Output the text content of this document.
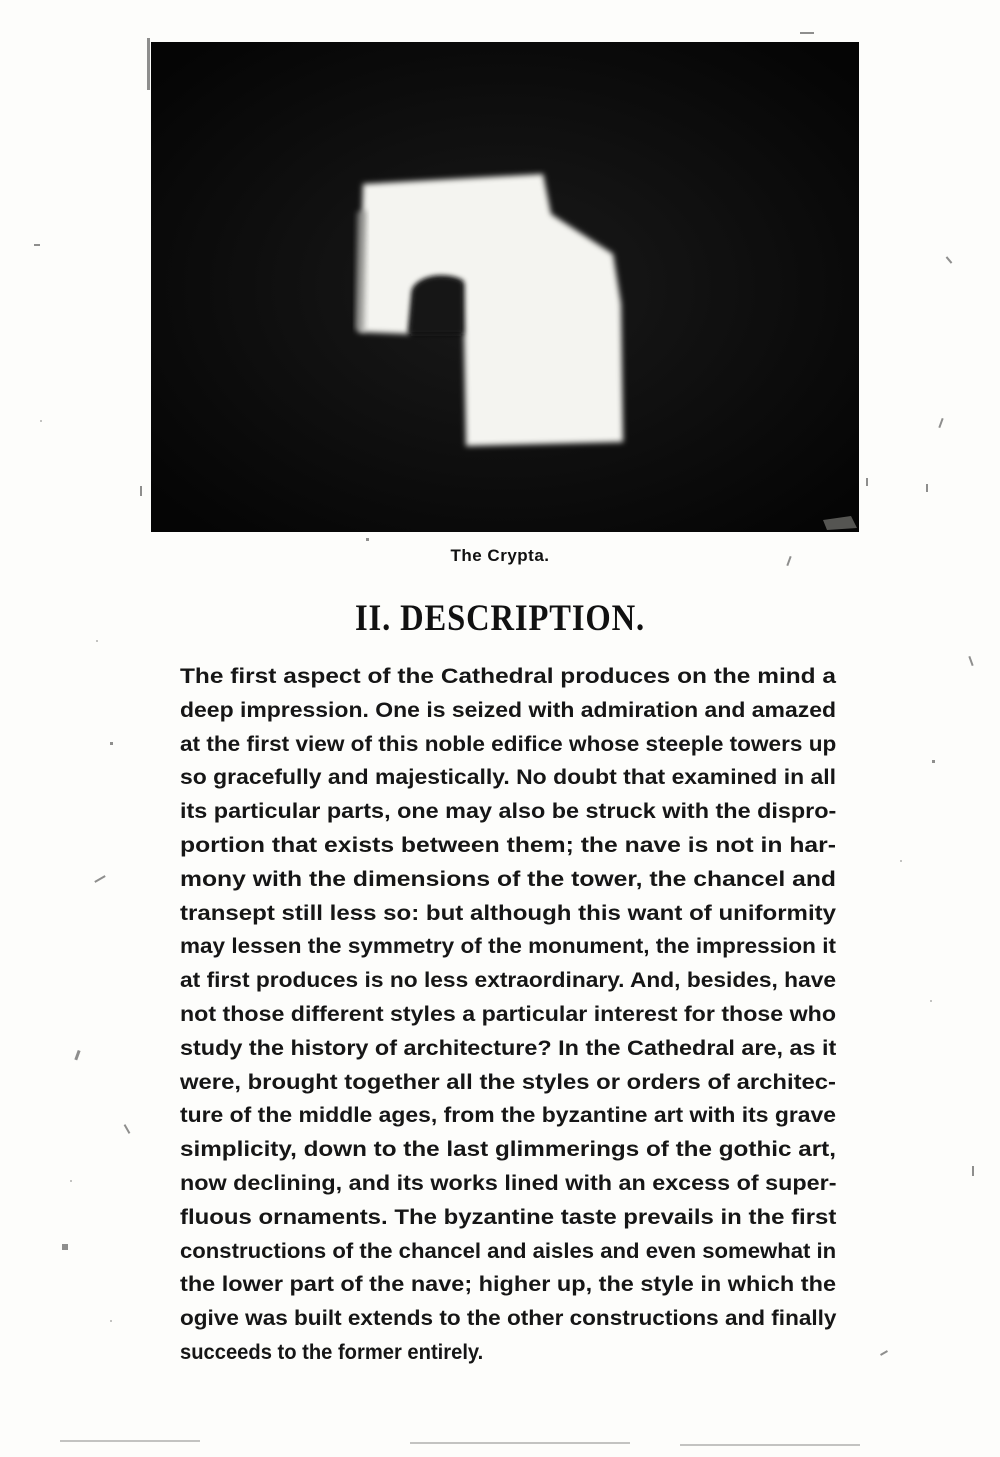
The Crypta.
II. DESCRIPTION.
The first aspect of the Cathedral produces on the mind a
deep impression. One is seized with admiration and amazed
at the first view of this noble edifice whose steeple towers up
so gracefully and majestically. No doubt that examined in all
its particular parts, one may also be struck with the dispro-
portion that exists between them; the nave is not in har-
mony with the dimensions of the tower, the chancel and
transept still less so: but although this want of uniformity
may lessen the symmetry of the monument, the impression it
at first produces is no less extraordinary. And, besides, have
not those different styles a particular interest for those who
study the history of architecture? In the Cathedral are, as it
were, brought together all the styles or orders of architec-
ture of the middle ages, from the byzantine art with its grave
simplicity, down to the last glimmerings of the gothic art,
now declining, and its works lined with an excess of super-
fluous ornaments. The byzantine taste prevails in the first
constructions of the chancel and aisles and even somewhat in
the lower part of the nave; higher up, the style in which the
ogive was built extends to the other constructions and finally
succeeds to the former entirely.
